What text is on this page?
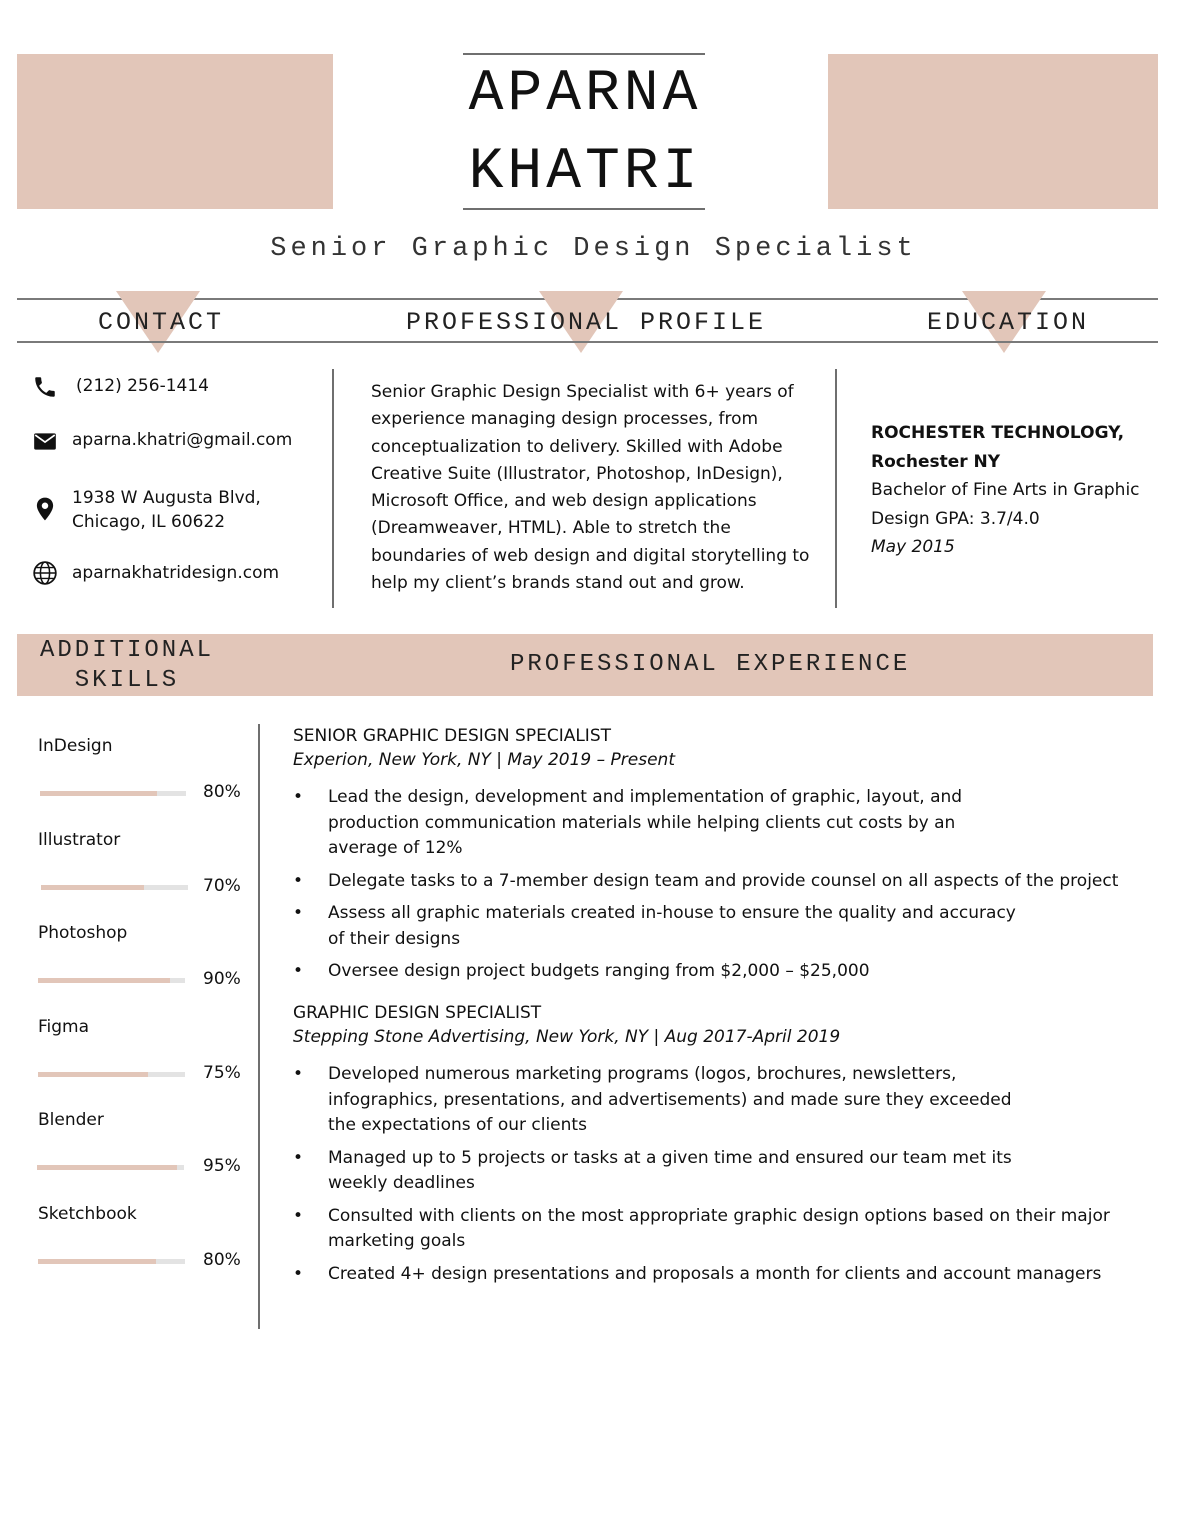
APARNA
KHATRI
Senior Graphic Design Specialist
CONTACT	PROFESSIONAL PROFILE	EDUCATION
(212) 256-1414
aparna.khatri@gmail.com
1938 W Augusta Blvd,
Chicago, IL 60622
aparnakhatridesign.com
Senior Graphic Design Specialist with 6+ years of experience managing design processes, from conceptualization to delivery. Skilled with Adobe Creative Suite (Illustrator, Photoshop, InDesign), Microsoft Office, and web design applications (Dreamweaver, HTML). Able to stretch the boundaries of web design and digital storytelling to help my client’s brands stand out and grow.
ROCHESTER TECHNOLOGY,
Rochester NY
Bachelor of Fine Arts in Graphic Design GPA: 3.7/4.0
May 2015
ADDITIONAL SKILLS
PROFESSIONAL EXPERIENCE
InDesign
80%
Illustrator
70%
Photoshop
90%
Figma
75%
Blender
95%
Sketchbook
80%
SENIOR GRAPHIC DESIGN SPECIALIST
Experion, New York, NY | May 2019 – Present
• Lead the design, development and implementation of graphic, layout, and production communication materials while helping clients cut costs by an average of 12%
• Delegate tasks to a 7-member design team and provide counsel on all aspects of the project
• Assess all graphic materials created in-house to ensure the quality and accuracy of their designs
• Oversee design project budgets ranging from $2,000 – $25,000
GRAPHIC DESIGN SPECIALIST
Stepping Stone Advertising, New York, NY | Aug 2017-April 2019
• Developed numerous marketing programs (logos, brochures, newsletters, infographics, presentations, and advertisements) and made sure they exceeded the expectations of our clients
• Managed up to 5 projects or tasks at a given time and ensured our team met its weekly deadlines
• Consulted with clients on the most appropriate graphic design options based on their major marketing goals
• Created 4+ design presentations and proposals a month for clients and account managers
